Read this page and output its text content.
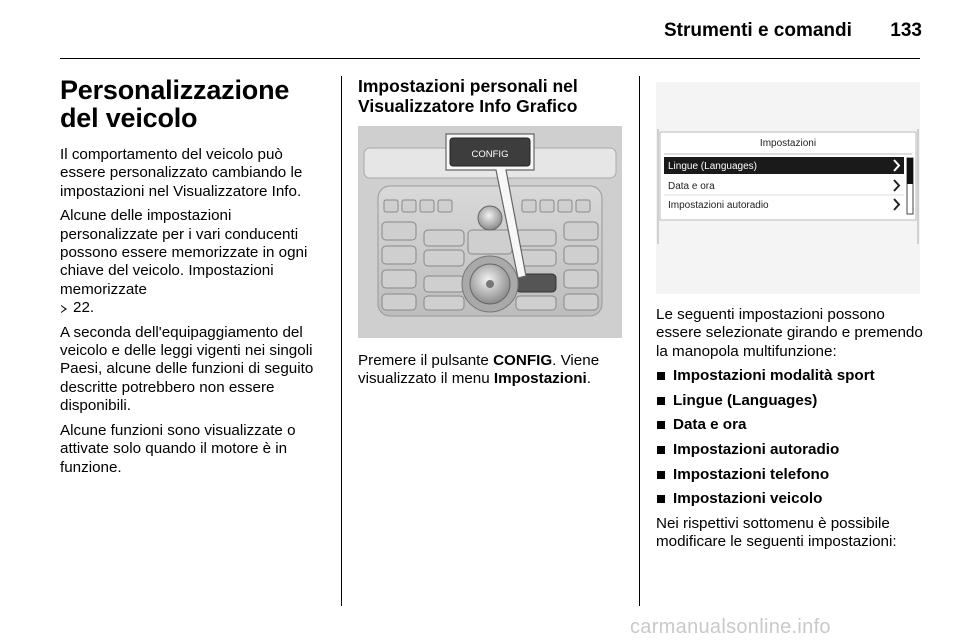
Strumenti e comandi	133
Personalizzazione del veicolo

Il comportamento del veicolo può essere personalizzato cambiando le impostazioni nel Visualizzatore Info.

Alcune delle impostazioni personalizzate per i vari conducenti possono essere memorizzate in ogni chiave del veicolo. Impostazioni memorizzate
22.

A seconda dell'equipaggiamento del veicolo e delle leggi vigenti nei singoli Paesi, alcune delle funzioni di seguito descritte potrebbero non essere disponibili.

Alcune funzioni sono visualizzate o attivate solo quando il motore è in funzione.

Impostazioni personali nel Visualizzatore Info Grafico
CONFIG

Premere il pulsante CONFIG. Viene visualizzato il menu Impostazioni.

Impostazioni
Lingue (Languages)
Data e ora
Impostazioni autoradio

Le seguenti impostazioni possono essere selezionate girando e premendo la manopola multifunzione:

Impostazioni modalità sport
Lingue (Languages)
Data e ora
Impostazioni autoradio
Impostazioni telefono
Impostazioni veicolo

Nei rispettivi sottomenu è possibile modificare le seguenti impostazioni:

carmanualsonline.info
